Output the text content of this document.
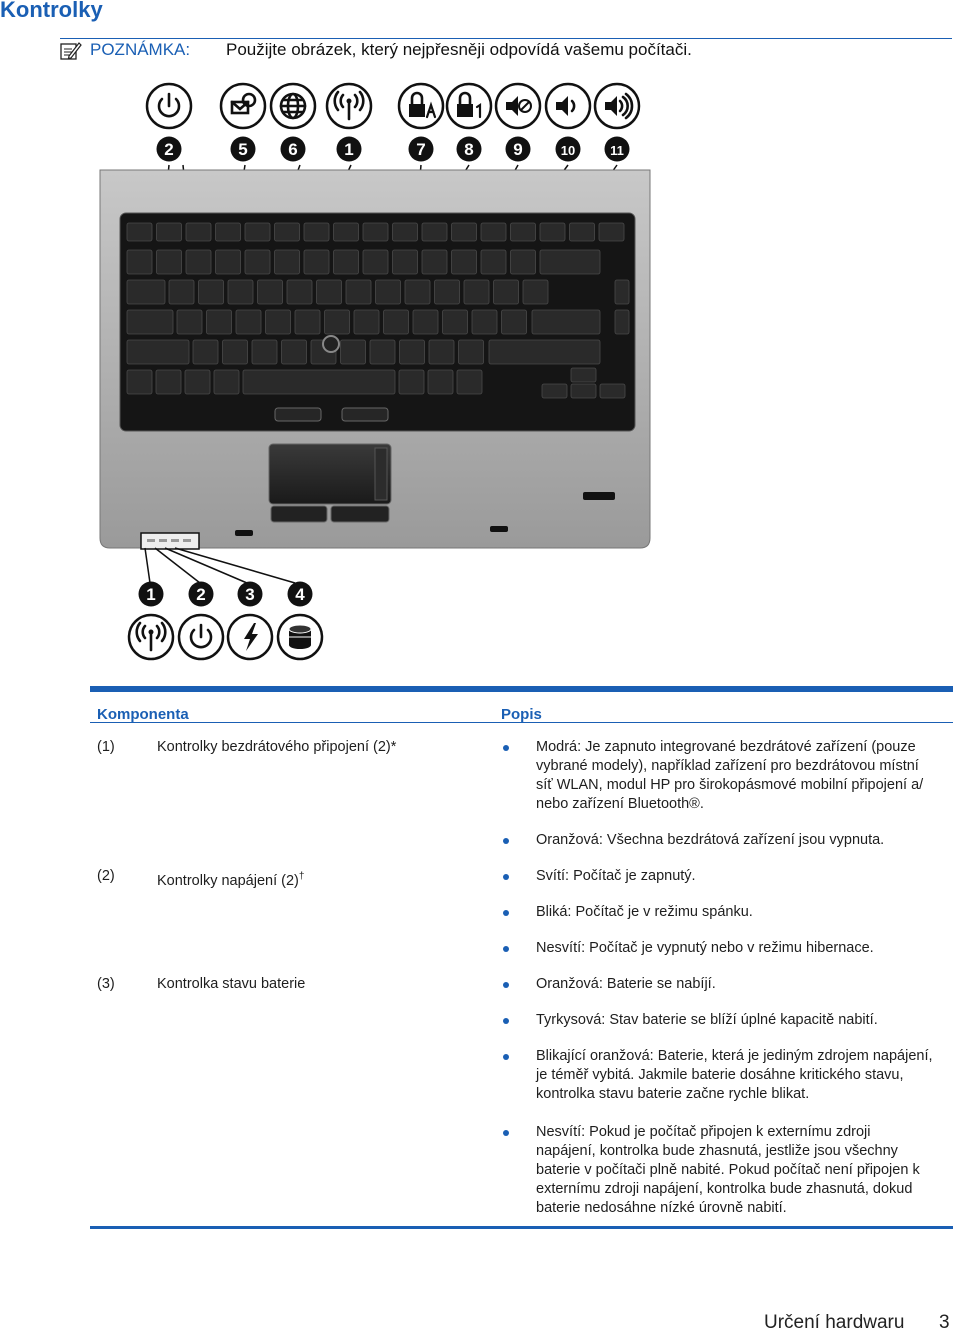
Kontrolky
POZNÁMKA: Použijte obrázek, který nejpřesněji odpovídá vašemu počítači.
2	5 6	1	7 8 9	10	11
1 2 3 4
Komponenta	Popis
(1)	Kontrolky bezdrátového připojení (2)*	Modrá: Je zapnuto integrované bezdrátové zařízení (pouze
vybrané modely), například zařízení pro bezdrátovou místní
síť WLAN, modul HP pro širokopásmové mobilní připojení a/
nebo zařízení Bluetooth®.
Oranžová: Všechna bezdrátová zařízení jsou vypnuta.
(2)	Kontrolky napájení (2)†	Svítí: Počítač je zapnutý.
Bliká: Počítač je v režimu spánku.
Nesvítí: Počítač je vypnutý nebo v režimu hibernace.
(3)	Kontrolka stavu baterie	Oranžová: Baterie se nabíjí.
Tyrkysová: Stav baterie se blíží úplné kapacitě nabití.
Blikající oranžová: Baterie, která je jediným zdrojem napájení,
je téměř vybitá. Jakmile baterie dosáhne kritického stavu,
kontrolka stavu baterie začne rychle blikat.
Nesvítí: Pokud je počítač připojen k externímu zdroji
napájení, kontrolka bude zhasnutá, jestliže jsou všechny
baterie v počítači plně nabité. Pokud počítač není připojen k
externímu zdroji napájení, kontrolka bude zhasnutá, dokud
baterie nedosáhne nízké úrovně nabití.
Určení hardwaru 3
